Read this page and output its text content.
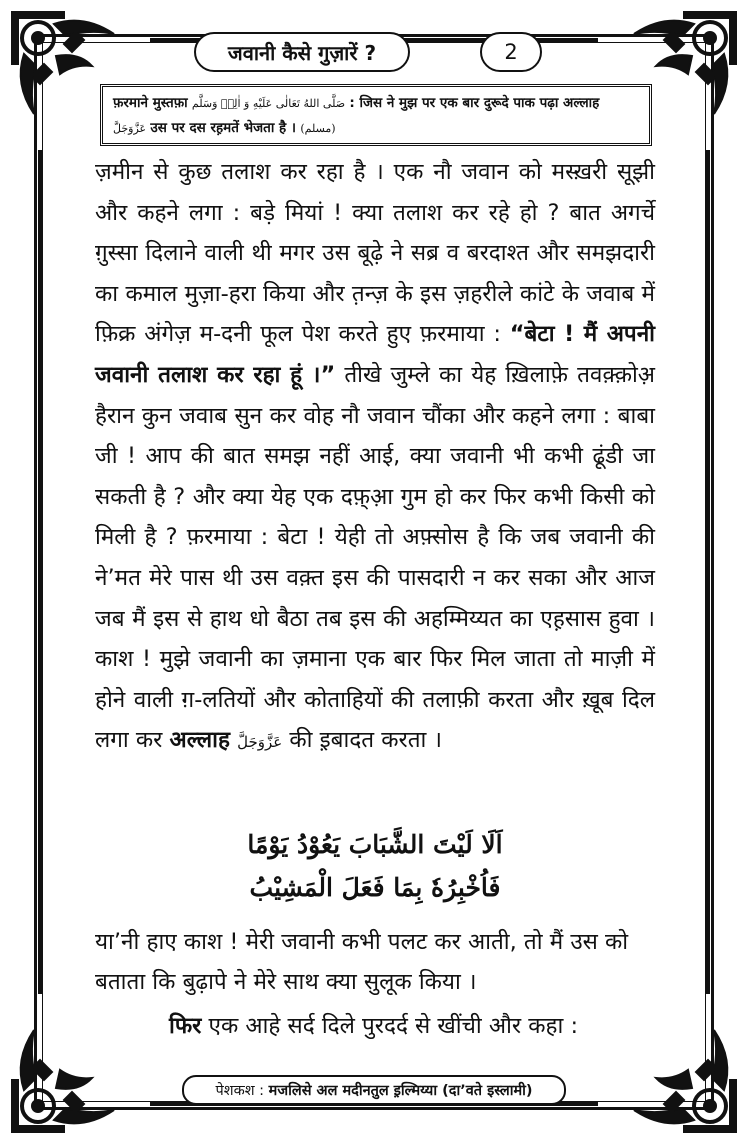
जवानी कैसे गुज़ारें ?	2
फ़रमाने मुस्तफ़ा صَلَّى اللهُ تَعَالٰى عَلَيْهِ وَ اٰلِهٖ وَسَلَّم : जिस ने मुझ पर एक बार दुरूदे पाक पढ़ा अल्लाह
عَزَّوَجَلَّ उस पर दस रह़मतें भेजता है । (مسلم)

ज़मीन से कुछ तलाश कर रहा है । एक नौ जवान को मस्ख़री सूझी और कहने लगा : बड़े मियां ! क्या तलाश कर रहे हो ? बात अगर्चे ग़ुस्सा दिलाने वाली थी मगर उस बूढ़े ने सब्र व बरदाश्त और समझदारी का कमाल मुज़ा-हरा किया और त़न्ज़ के इस ज़हरीले कांटे के जवाब में फ़िक्र अंगेज़ म-दनी फूल पेश करते हुए फ़रमाया : “बेटा ! मैं अपनी जवानी तलाश कर रहा हूं ।” तीखे जुम्ले का येह ख़िलाफ़े तवक़्क़ोअ़ हैरान कुन जवाब सुन कर वोह नौ जवान चौंका और कहने लगा : बाबा जी ! आप की बात समझ नहीं आई, क्या जवानी भी कभी ढूंडी जा सकती है ? और क्या येह एक दफ़्आ़ गुम हो कर फिर कभी किसी को मिली है ? फ़रमाया : बेटा ! येही तो अफ़्सोस है कि जब जवानी की ने’मत मेरे पास थी उस वक़्त इस की पासदारी न कर सका और आज जब मैं इस से हाथ धो बैठा तब इस की अहम्मिय्यत का एह़सास हुवा । काश ! मुझे जवानी का ज़माना एक बार फिर मिल जाता तो माज़ी में होने वाली ग़-लतियों और कोताहियों की तलाफ़ी करता और ख़ूब दिल लगा कर अल्लाह عَزَّوَجَلَّ की इ़बादत करता ।

اَلَا لَيْتَ الشَّبَابَ يَعُوْدُ يَوْمًا
فَاُخْبِرُهٗ بِمَا فَعَلَ الْمَشِيْبُ

या’नी हाए काश ! मेरी जवानी कभी पलट कर आती, तो मैं उस को बताता कि बुढ़ापे ने मेरे साथ क्या सुलूक किया ।

फिर एक आहे सर्द दिले पुरदर्द से खींची और कहा :

पेशकश :
मजलिसे अल मदीनतुल इ़ल्मिय्या (दा’वते इस्लामी)
